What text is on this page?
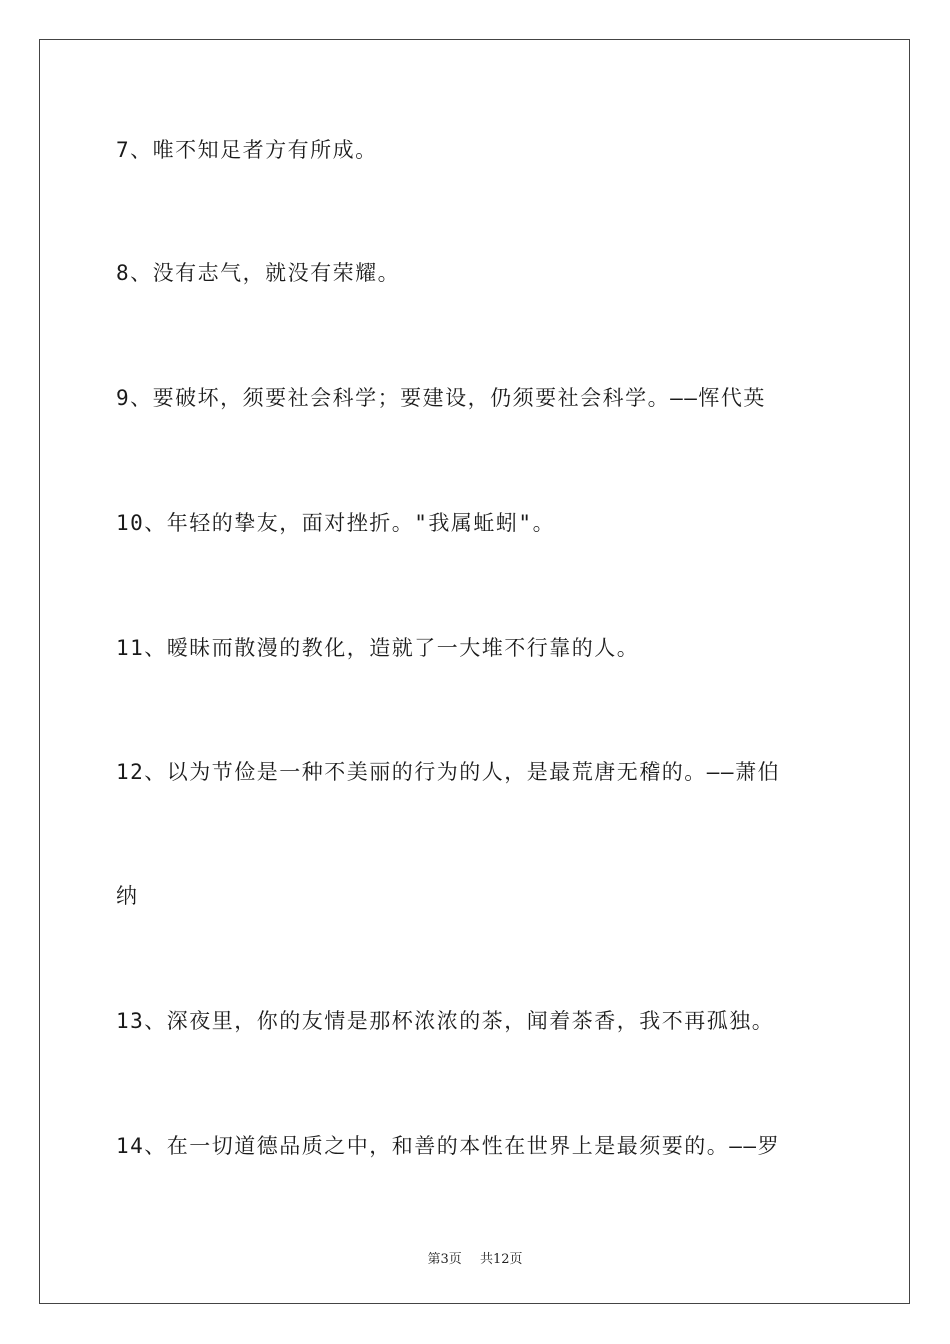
7、唯不知足者方有所成。

8、没有志气，就没有荣耀。

9、要破坏，须要社会科学；要建设，仍须要社会科学。——恽代英

10、年轻的挚友，面对挫折。"我属蚯蚓"。

11、暧昧而散漫的教化，造就了一大堆不行靠的人。

12、以为节俭是一种不美丽的行为的人，是最荒唐无稽的。——萧伯

纳

13、深夜里，你的友情是那杯浓浓的茶，闻着茶香，我不再孤独。

14、在一切道德品质之中，和善的本性在世界上是最须要的。——罗

第3页 共12页
